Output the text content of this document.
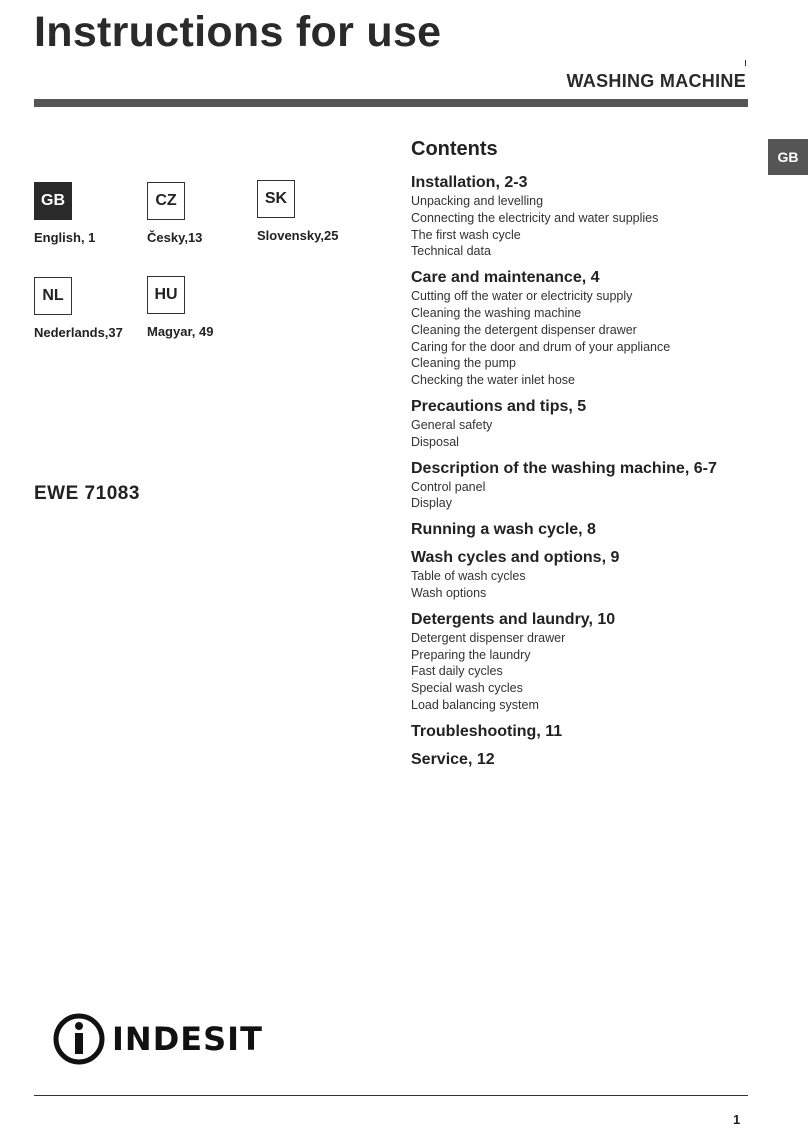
Instructions for use
WASHING MACHINE
GB
GB
English, 1
CZ
Česky,13
SK
Slovensky,25
NL
Nederlands,37
HU
Magyar, 49
EWE 71083
Contents
Installation, 2-3
Unpacking and levelling
Connecting the electricity and water supplies
The first wash cycle
Technical data
Care and maintenance, 4
Cutting off the water or electricity supply
Cleaning the washing machine
Cleaning the detergent dispenser drawer
Caring for the door and drum of your appliance
Cleaning the pump
Checking the water inlet hose
Precautions and tips, 5
General safety
Disposal
Description of the washing machine, 6-7
Control panel
Display
Running a wash cycle, 8
Wash cycles and options, 9
Table of wash cycles
Wash options
Detergents and laundry, 10
Detergent dispenser drawer
Preparing the laundry
Fast daily cycles
Special wash cycles
Load balancing system
Troubleshooting, 11
Service, 12
INDESIT
1
